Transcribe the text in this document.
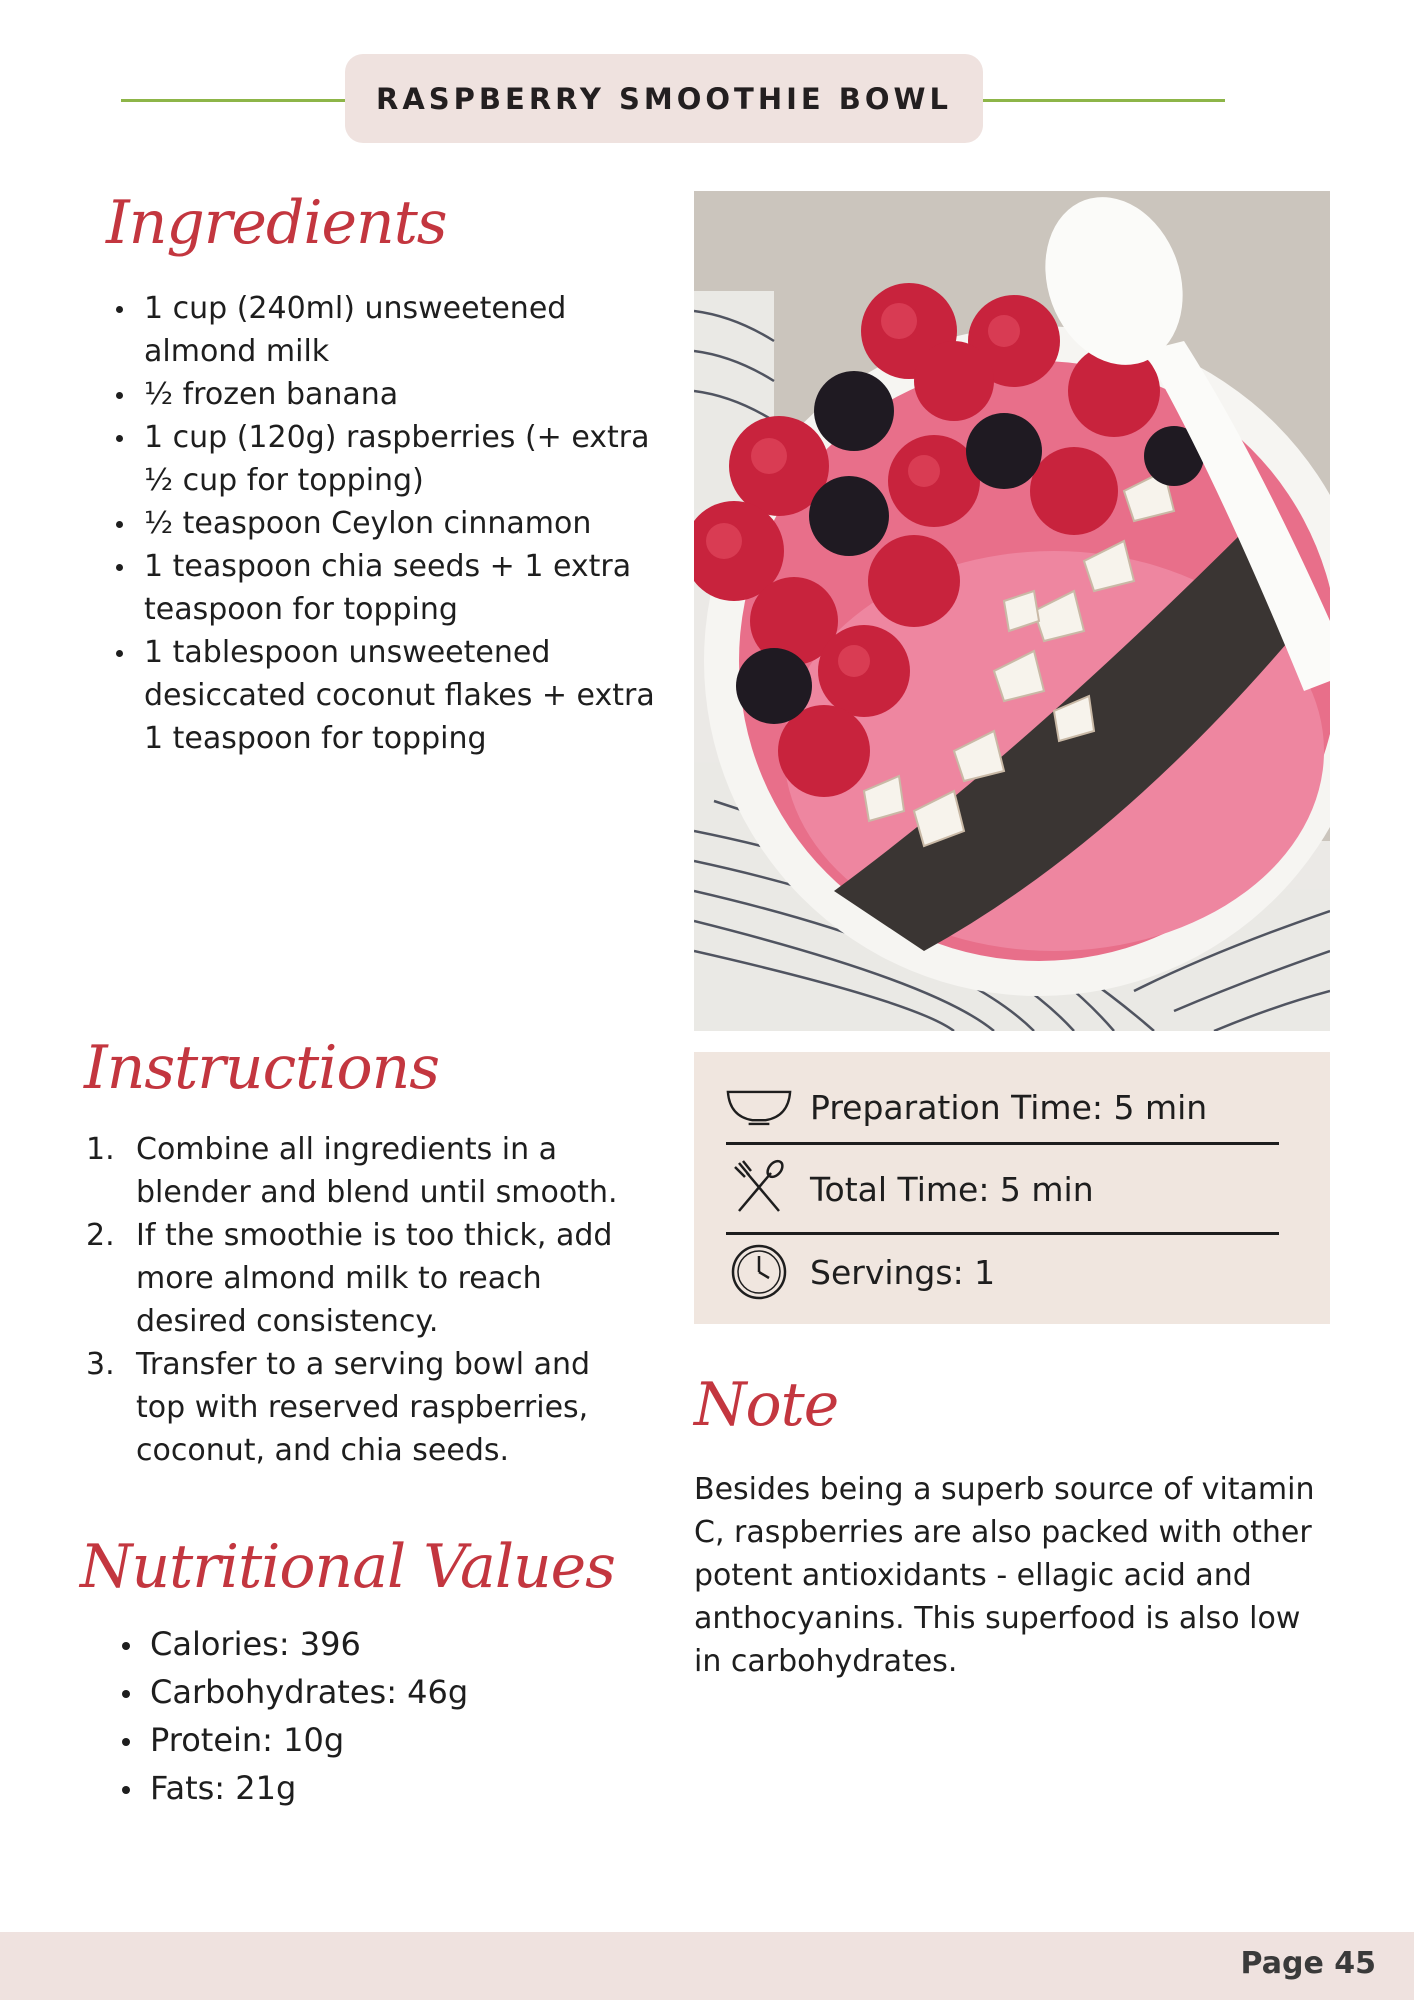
RASPBERRY SMOOTHIE BOWL
Ingredients
1 cup (240ml) unsweetened almond milk
½ frozen banana
1 cup (120g) raspberries (+ extra ½ cup for topping)
½ teaspoon Ceylon cinnamon
1 teaspoon chia seeds + 1 extra teaspoon for topping
1 tablespoon unsweetened desiccated coconut flakes + extra 1 teaspoon for topping
Preparation Time: 5 min
Total Time: 5 min
Servings: 1
Instructions
1. Combine all ingredients in a blender and blend until smooth.
2. If the smoothie is too thick, add more almond milk to reach desired consistency.
3. Transfer to a serving bowl and top with reserved raspberries, coconut, and chia seeds.
Note
Besides being a superb source of vitamin C, raspberries are also packed with other potent antioxidants - ellagic acid and anthocyanins. This superfood is also low in carbohydrates.
Nutritional Values
Calories: 396
Carbohydrates: 46g
Protein: 10g
Fats: 21g
Page 45
